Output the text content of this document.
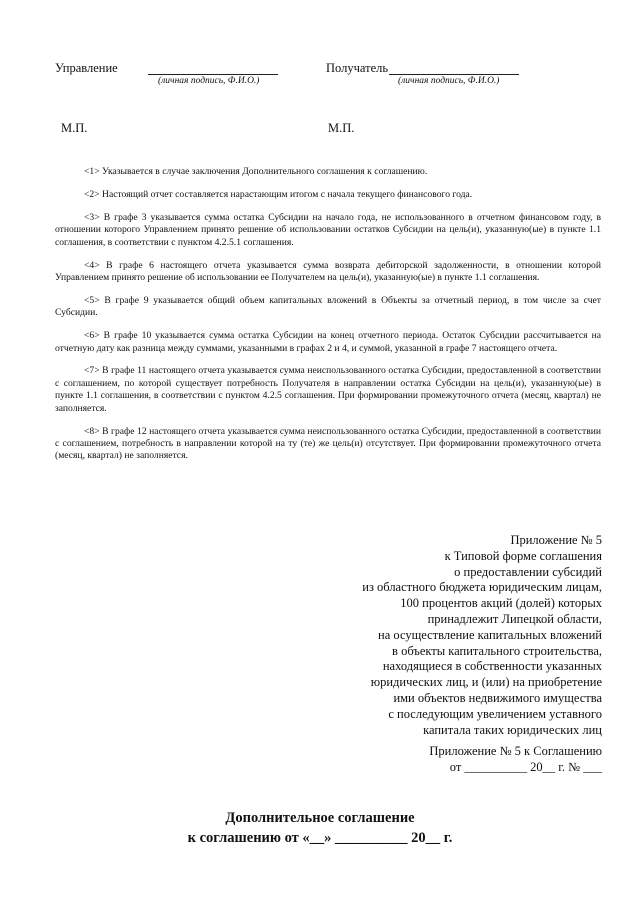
Управление
(личная подпись, Ф.И.О.)
Получатель
(личная подпись, Ф.И.О.)
М.П.	М.П.

<1> Указывается в случае заключения Дополнительного соглашения к соглашению.

<2> Настоящий отчет составляется нарастающим итогом с начала текущего финансового года.

<3> В графе 3 указывается сумма остатка Субсидии на начало года, не использованного в отчетном финансовом году, в отношении которого Управлением принято решение об использовании остатков Субсидии на цель(и), указанную(ые) в пункте 1.1 соглашения, в соответствии с пунктом 4.2.5.1 соглашения.

<4> В графе 6 настоящего отчета указывается сумма возврата дебиторской задолженности, в отношении которой Управлением принято решение об использовании ее Получателем на цель(и), указанную(ые) в пункте 1.1 соглашения.

<5> В графе 9 указывается общий объем капитальных вложений в Объекты за отчетный период, в том числе за счет Субсидии.

<6> В графе 10 указывается сумма остатка Субсидии на конец отчетного периода. Остаток Субсидии рассчитывается на отчетную дату как разница между суммами, указанными в графах 2 и 4, и суммой, указанной в графе 7 настоящего отчета.

<7> В графе 11 настоящего отчета указывается сумма неиспользованного остатка Субсидии, предоставленной в соответствии с соглашением, по которой существует потребность Получателя в направлении остатка Субсидии на цель(и), указанную(ые) в пункте 1.1 соглашения, в соответствии с пунктом 4.2.5 соглашения. При формировании промежуточного отчета (месяц, квартал) не заполняется.

<8> В графе 12 настоящего отчета указывается сумма неиспользованного остатка Субсидии, предоставленной в соответствии с соглашением, потребность в направлении которой на ту (те) же цель(и) отсутствует. При формировании промежуточного отчета (месяц, квартал) не заполняется.

Приложение № 5
к Типовой форме соглашения
о предоставлении субсидий
из областного бюджета юридическим лицам,
100 процентов акций (долей) которых
принадлежит Липецкой области,
на осуществление капитальных вложений
в объекты капитального строительства,
находящиеся в собственности указанных
юридических лиц, и (или) на приобретение
ими объектов недвижимого имущества
с последующим увеличением уставного
капитала таких юридических лиц
Приложение № 5 к Соглашению
от __________ 20__ г. № ___
Дополнительное соглашение
к соглашению от «__» __________ 20__ г.
